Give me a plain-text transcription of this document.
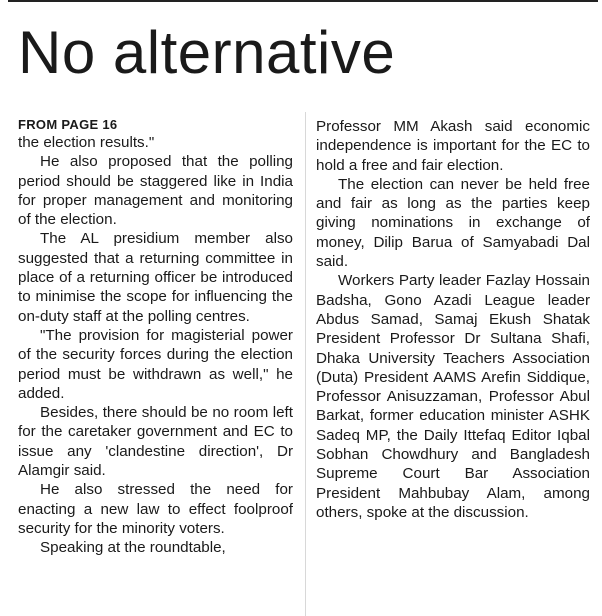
No alternative
FROM PAGE 16

the election results."

He also proposed that the polling period should be staggered like in India for proper management and monitoring of the election.

The AL presidium member also suggested that a returning committee in place of a returning officer be introduced to minimise the scope for influencing the on-duty staff at the polling centres.

"The provision for magisterial power of the security forces during the election period must be withdrawn as well," he added.

Besides, there should be no room left for the caretaker government and EC to issue any 'clandestine direction', Dr Alamgir said.

He also stressed the need for enacting a new law to effect foolproof security for the minority voters.

Speaking at the roundtable,

Professor MM Akash said economic independence is important for the EC to hold a free and fair election.

The election can never be held free and fair as long as the parties keep giving nominations in exchange of money, Dilip Barua of Samyabadi Dal said.

Workers Party leader Fazlay Hossain Badsha, Gono Azadi League leader Abdus Samad, Samaj Ekush Shatak President Professor Dr Sultana Shafi, Dhaka University Teachers Association (Duta) President AAMS Arefin Siddique, Professor Anisuzzaman, Professor Abul Barkat, former education minister ASHK Sadeq MP, the Daily Ittefaq Editor Iqbal Sobhan Chowdhury and Bangladesh Supreme Court Bar Association President Mahbubay Alam, among others, spoke at the discussion.
